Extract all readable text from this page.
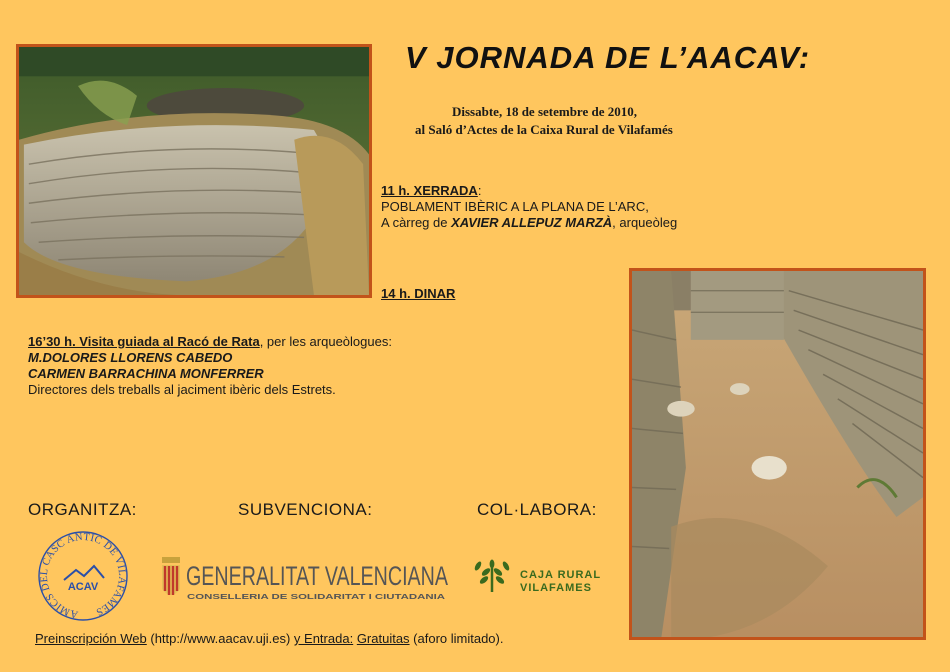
V JORNADA DE L’AACAV:
Dissabte, 18 de setembre de 2010,
al Saló d’Actes de la Caixa Rural de Vilafamés
11 h. XERRADA:
POBLAMENT IBÈRIC A LA PLANA DE L’ARC,
A càrreg de XAVIER ALLEPUZ MARZÀ, arqueòleg
14 h. DINAR
16’30 h. Visita guiada al Racó de Rata, per les arqueòlogues:
M.DOLORES LLORENS CABEDO
CARMEN BARRACHINA MONFERRER
Directores dels treballs al jaciment ibèric dels Estrets.
ORGANITZA:	SUBVENCIONA:	COL·LABORA:
AMICS DEL CASC ANTIC DE VILAFAMES
ACAV	GENERALITAT VALENCIANA
CONSELLERIA DE SOLIDARITAT I CIUTADANIA
CAJA RURAL
VILAFAMES
Preinscripción Web (http://www.aacav.uji.es) y Entrada: Gratuitas (aforo limitado).
